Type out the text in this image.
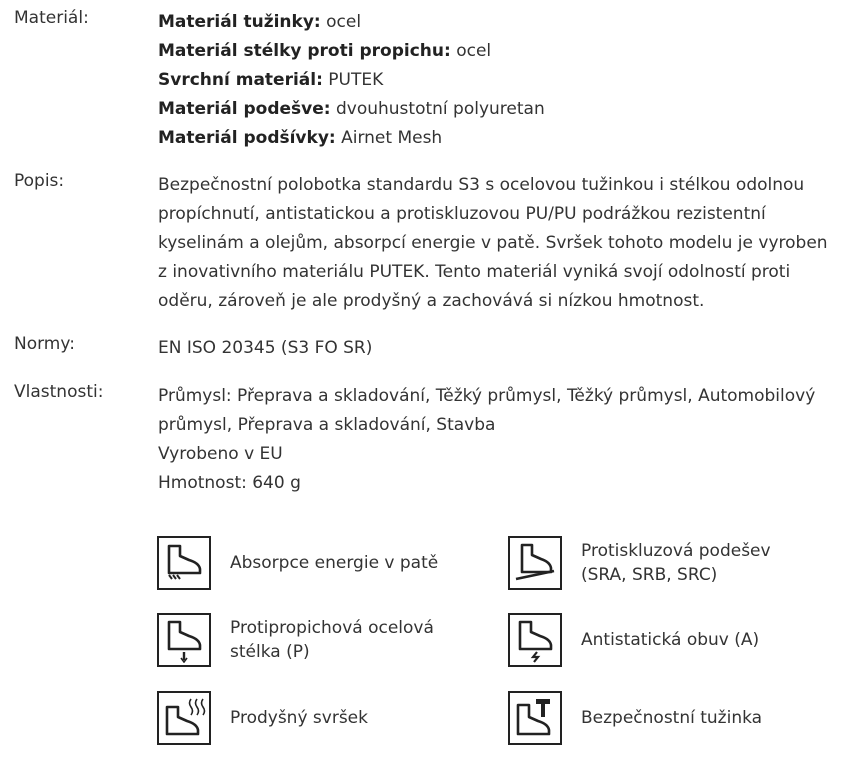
Materiál:	Materiál tužinky: ocel
Materiál stélky proti propichu: ocel
Svrchní materiál: PUTEK
Materiál podešve: dvouhustotní polyuretan
Materiál podšívky: Airnet Mesh
Popis:	Bezpečnostní polobotka standardu S3 s ocelovou tužinkou i stélkou odolnou
propíchnutí, antistatickou a protiskluzovou PU/PU podrážkou rezistentní
kyselinám a olejům, absorpcí energie v patě. Svršek tohoto modelu je vyroben
z inovativního materiálu PUTEK. Tento materiál vyniká svojí odolností proti
oděru, zároveň je ale prodyšný a zachovává si nízkou hmotnost.
Normy:	EN ISO 20345 (S3 FO SR)
Vlastnosti:	Průmysl: Přeprava a skladování, Těžký průmysl, Těžký průmysl, Automobilový
průmysl, Přeprava a skladování, Stavba
Vyrobeno v EU
Hmotnost: 640 g
Absorpce energie v patě
Protiskluzová podešev
(SRA, SRB, SRC)
Protipropichová ocelová
stélka (P)
Antistatická obuv (A)
Prodyšný svršek	Bezpečnostní tužinka
